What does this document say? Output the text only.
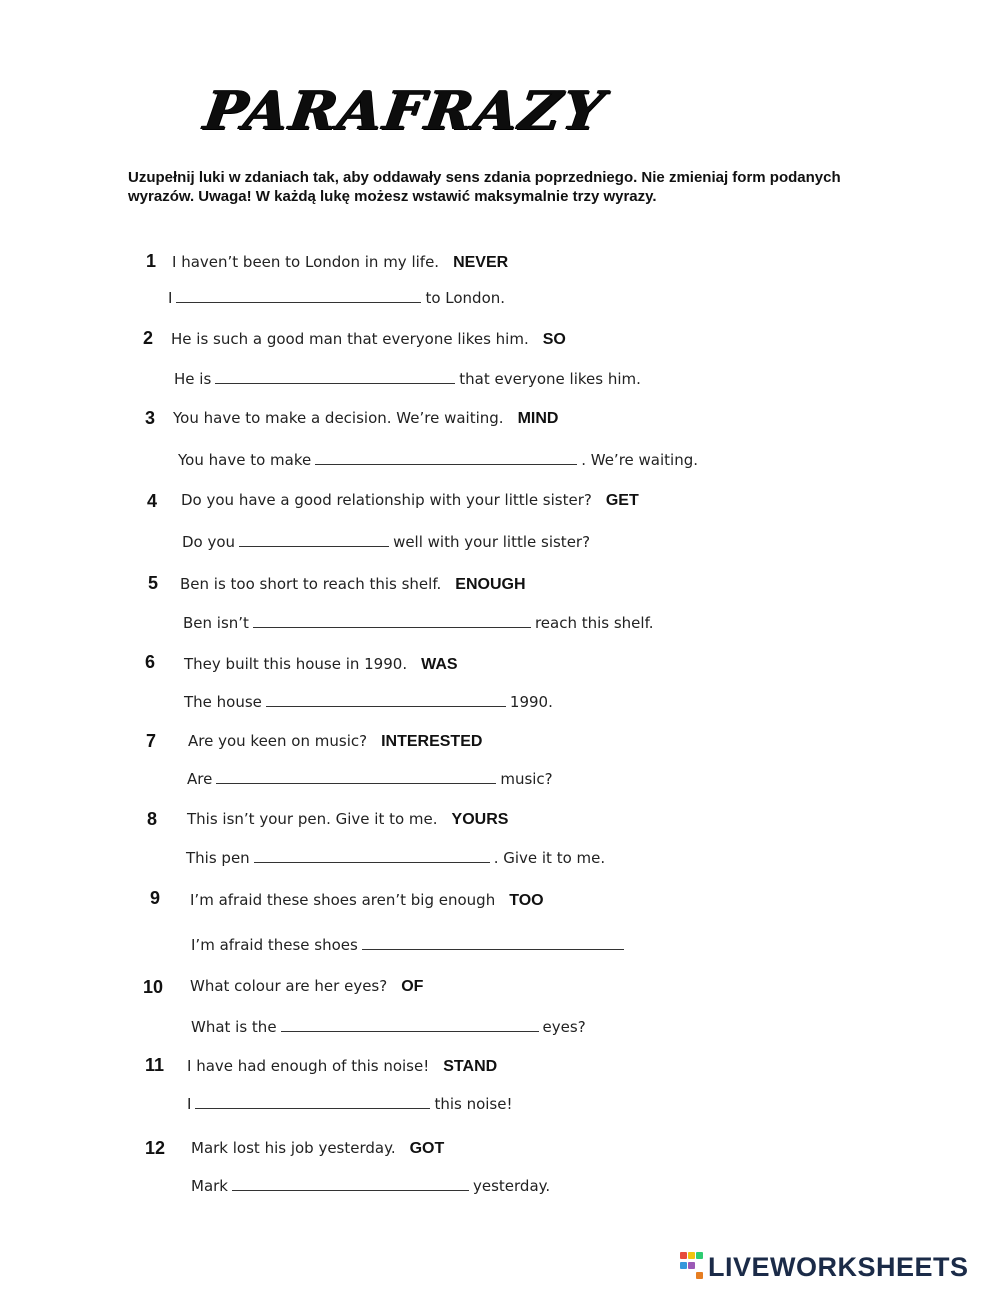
PARAFRAZY
Uzupełnij luki w zdaniach tak, aby oddawały sens zdania poprzedniego. Nie zmieniaj form podanych wyrazów. Uwaga! W każdą lukę możesz wstawić maksymalnie trzy wyrazy.
1 I haven’t been to London in my life. NEVER
I	to London.
2 He is such a good man that everyone likes him. SO
He is	that everyone likes him.
3 You have to make a decision. We’re waiting. MIND
You have to make	. We’re waiting.
4 Do you have a good relationship with your little sister? GET
Do you	well with your little sister?
5 Ben is too short to reach this shelf. ENOUGH
Ben isn’t	reach this shelf.
6 They built this house in 1990. WAS
The house	1990.
7 Are you keen on music? INTERESTED
Are	music?
8 This isn’t your pen. Give it to me. YOURS
This pen	. Give it to me.
9 I’m afraid these shoes aren’t big enough TOO
I’m afraid these shoes
10 What colour are her eyes? OF
What is the	eyes?
11 I have had enough of this noise! STAND
I	this noise!
12 Mark lost his job yesterday. GOT
Mark	yesterday.
LIVEWORKSHEETS
